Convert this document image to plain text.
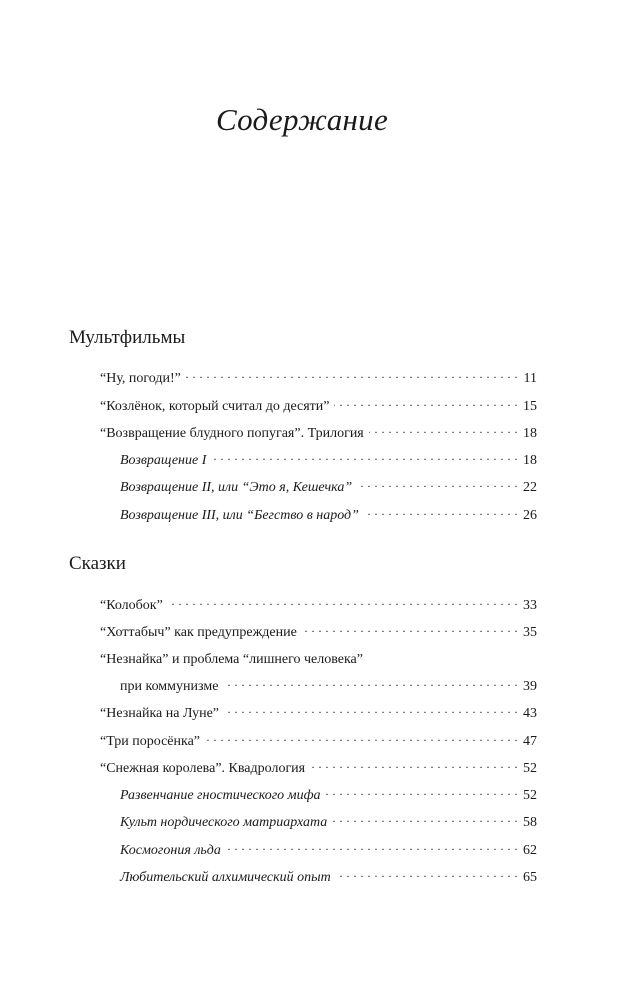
Содержание
Мультфильмы
“Ну, погоди!” . . .	11
“Козлёнок, который считал до десяти” . . .	15
“Возвращение блудного попугая”. Трилогия . . .	18
Возвращение I . . .	18
Возвращение II, или “Это я, Кешечка” . . .	22
Возвращение III, или “Бегство в народ” . . .	26
Сказки
“Колобок” . . .	33
“Хоттабыч” как предупреждение . . .	35
“Незнайка” и проблема “лишнего человека”
при коммунизме . . .	39
“Незнайка на Луне” . . .	43
“Три поросёнка” . . .	47
“Снежная королева”. Квадрология . . .	52
Развенчание гностического мифа . . .	52
Культ нордического матриархата . . .	58
Космогония льда . . .	62
Любительский алхимический опыт . . .	65
